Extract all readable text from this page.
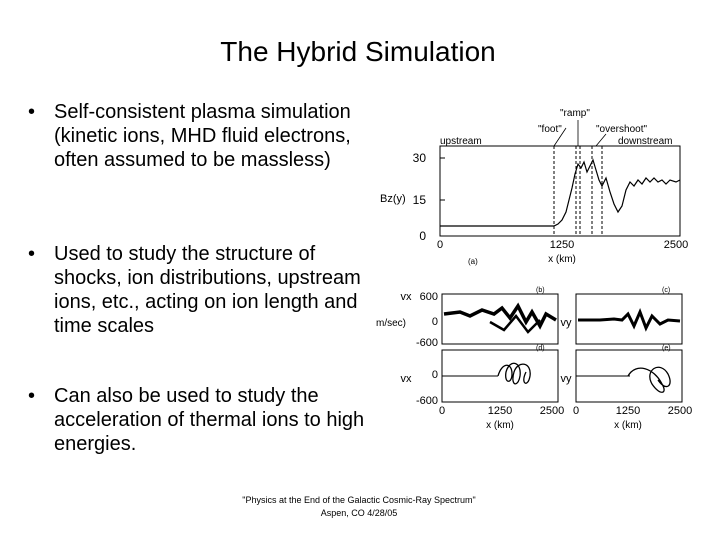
The Hybrid Simulation
• Self-consistent plasma simulation (kinetic ions, MHD fluid electrons, often assumed to be massless)
• Used to study the structure of shocks, ion distributions, upstream ions, etc., acting on ion length and time scales
• Can also be used to study the acceleration of thermal ions to high energies.
Bz(y)
30
15
0
upstream	downstream
"foot"
"ramp"
"overshoot"
0	1250	2500
x (km)
(a)
vx
m/sec)
600
0
-600
(b)
vx 0
-600
(d)
0	1250	2500
x (km)
vy
(c)
vy
(e)
0	1250	2500
x (km)
"Physics at the End of the Galactic Cosmic-Ray Spectrum"
Aspen, CO 4/28/05
